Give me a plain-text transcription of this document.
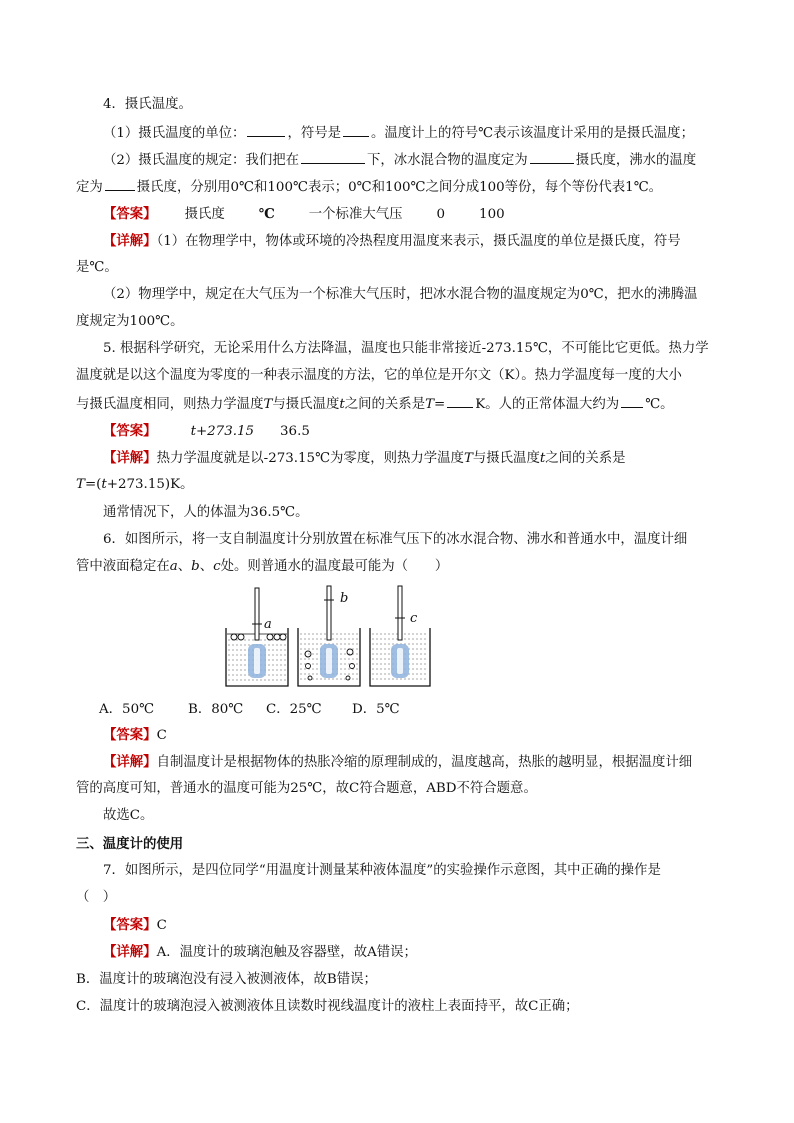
4．摄氏温度。
（1）摄氏温度的单位：	，符号是 。温度计上的符号℃表示该温度计采用的是摄氏温度；
（2）摄氏温度的规定：我们把在	下，冰水混合物的温度定为	摄氏度，沸水的温度
定为	摄氏度，分别用0℃和100℃表示；0℃和100℃之间分成100等份，每个等份代表1℃。
【答案】 摄氏度	℃	一个标准大气压	0	100
【详解】（1）在物理学中，物体或环境的冷热程度用温度来表示，摄氏温度的单位是摄氏度，符号
是℃。
（2）物理学中，规定在大气压为一个标准大气压时，把冰水混合物的温度规定为0℃，把水的沸腾温
度规定为100℃。
5. 根据科学研究，无论采用什么方法降温，温度也只能非常接近-273.15℃，不可能比它更低。热力学
温度就是以这个温度为零度的一种表示温度的方法，它的单位是开尔文（K）。热力学温度每一度的大小
与摄氏温度相同，则热力学温度T与摄氏温度t之间的关系是T= K。人的正常体温大约为 ℃。
【答案】	t+273.15 36.5
【详解】热力学温度就是以-273.15℃为零度，则热力学温度T与摄氏温度t之间的关系是
T=(t+273.15)K。
通常情况下，人的体温为36.5℃。
6．如图所示，将一支自制温度计分别放置在标准气压下的冰水混合物、沸水和普通水中，温度计细
管中液面稳定在a、b、c处。则普通水的温度最可能为（　　）
a
b
c
A．50℃	B．80℃ C．25℃ D．5℃
【答案】C
【详解】自制温度计是根据物体的热胀冷缩的原理制成的，温度越高，热胀的越明显，根据温度计细
管的高度可知，普通水的温度可能为25℃，故C符合题意，ABD不符合题意。
故选C。
三、温度计的使用
7．如图所示，是四位同学“用温度计测量某种液体温度”的实验操作示意图，其中正确的操作是
（　）
【答案】C
【详解】A．温度计的玻璃泡触及容器壁，故A错误；
B．温度计的玻璃泡没有浸入被测液体，故B错误；
C．温度计的玻璃泡浸入被测液体且读数时视线温度计的液柱上表面持平，故C正确；
